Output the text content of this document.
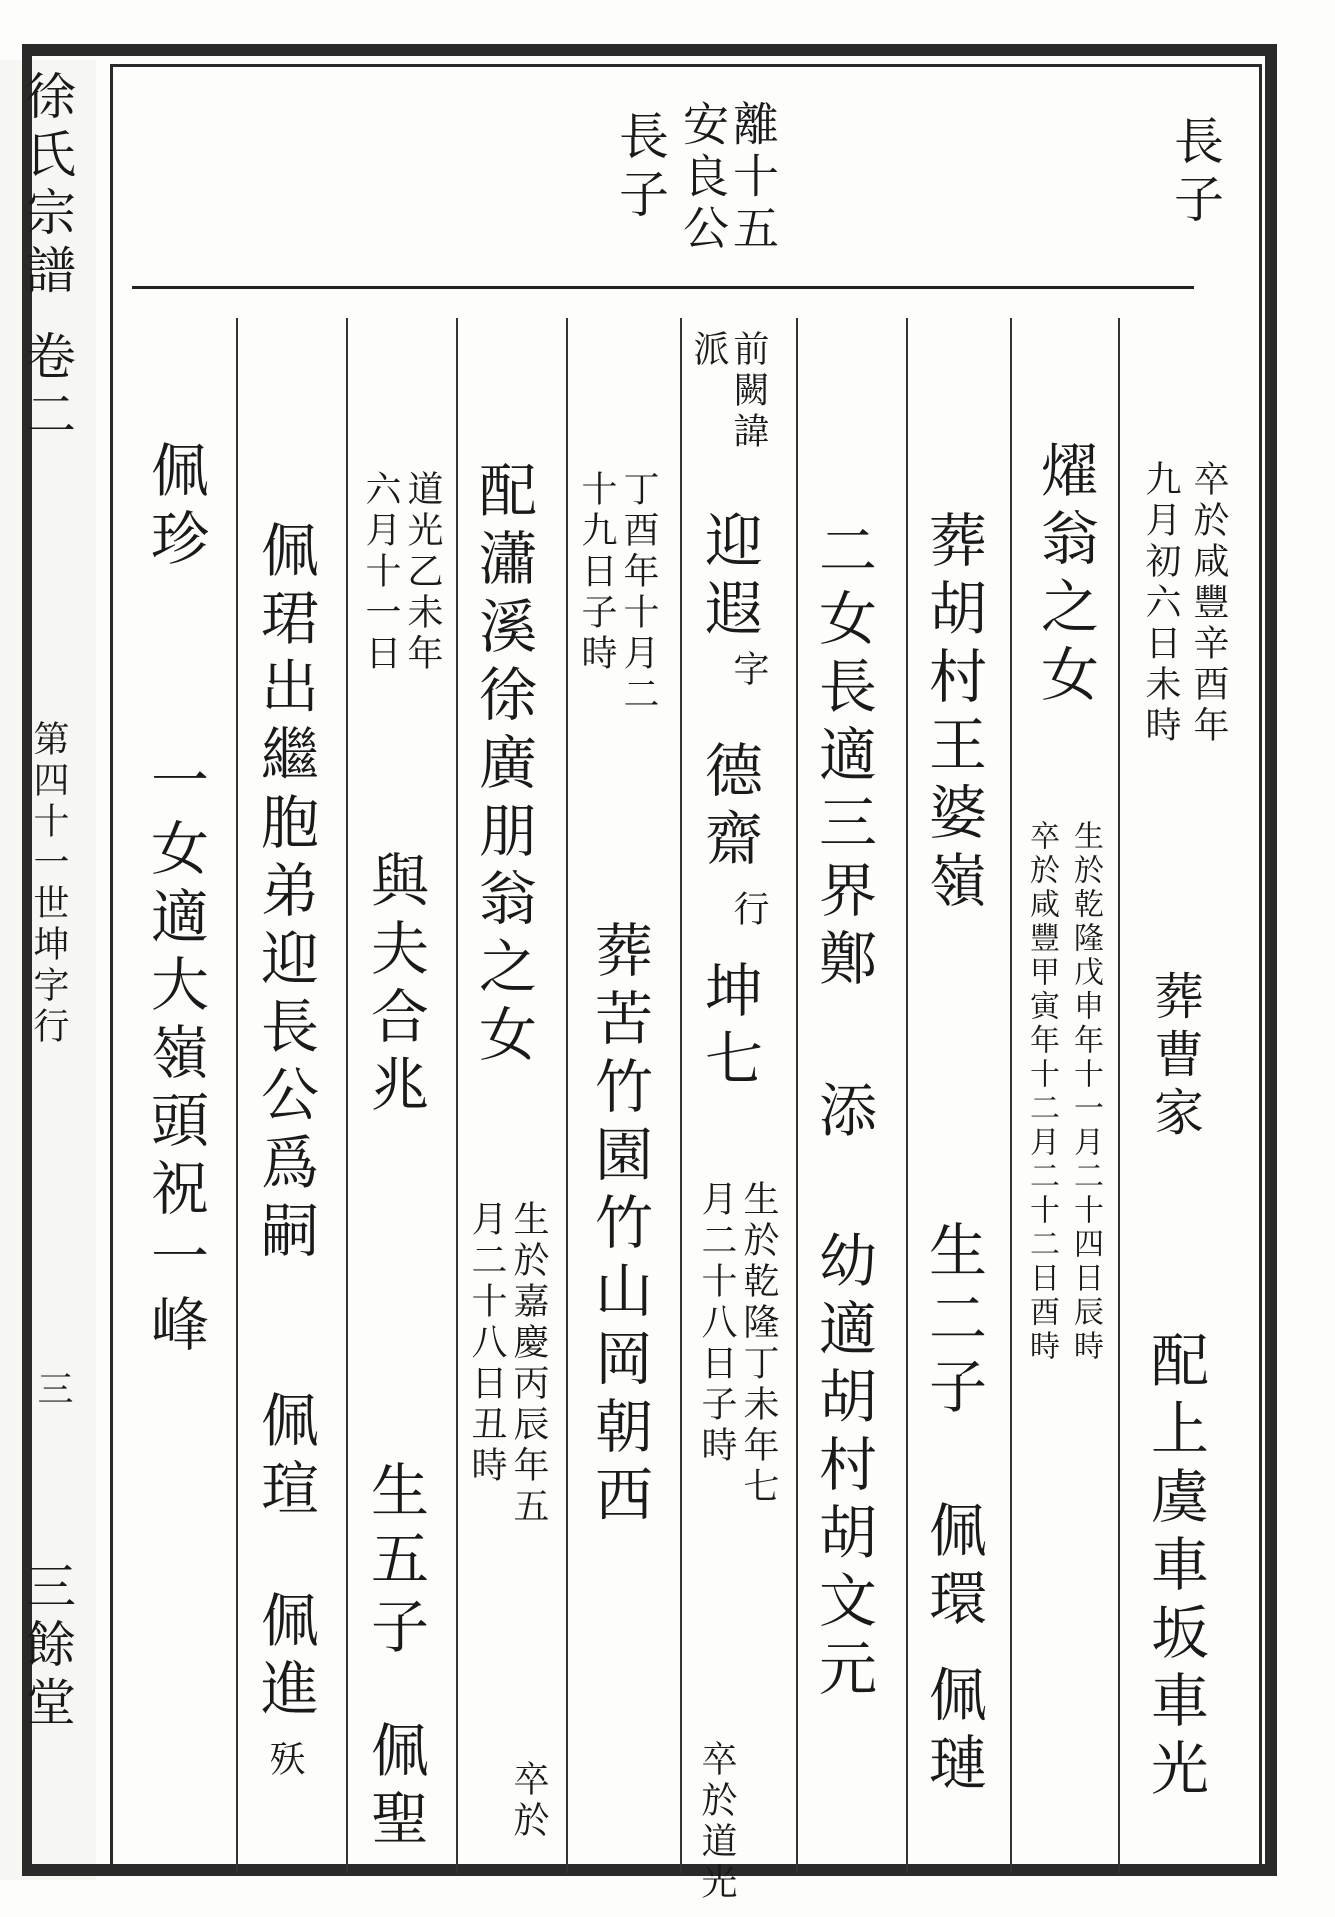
徐氏宗譜
卷二
第四十一世坤字行
三
三餘堂
長子
離十五
安良公
長子
卒於咸豐辛酉年
九月初六日未時
葬曹家
配上虞車坂車光
燿翁之女
生於乾隆戊申年十一月二十四日辰時
卒於咸豐甲寅年十二月二十二日酉時
葬胡村王婆嶺
生二子
佩環 佩璉
二女長適三界鄭
添
幼適胡村胡文元
前闕諱
派
迎遐
字
德齋
行
坤七
生於乾隆丁未年七
月二十八日子時
卒於道光
丁酉年十月二
十九日子時
葬苦竹園竹山岡朝西
配瀟溪徐廣朋翁之女
生於嘉慶丙辰年五
月二十八日丑時
卒於
道光乙未年
六月十一日
與夫合兆
生五子
佩聖
佩珺出繼胞弟迎長公爲嗣
佩瑄
佩進
殀
佩珍
一女適大嶺頭祝一峰
